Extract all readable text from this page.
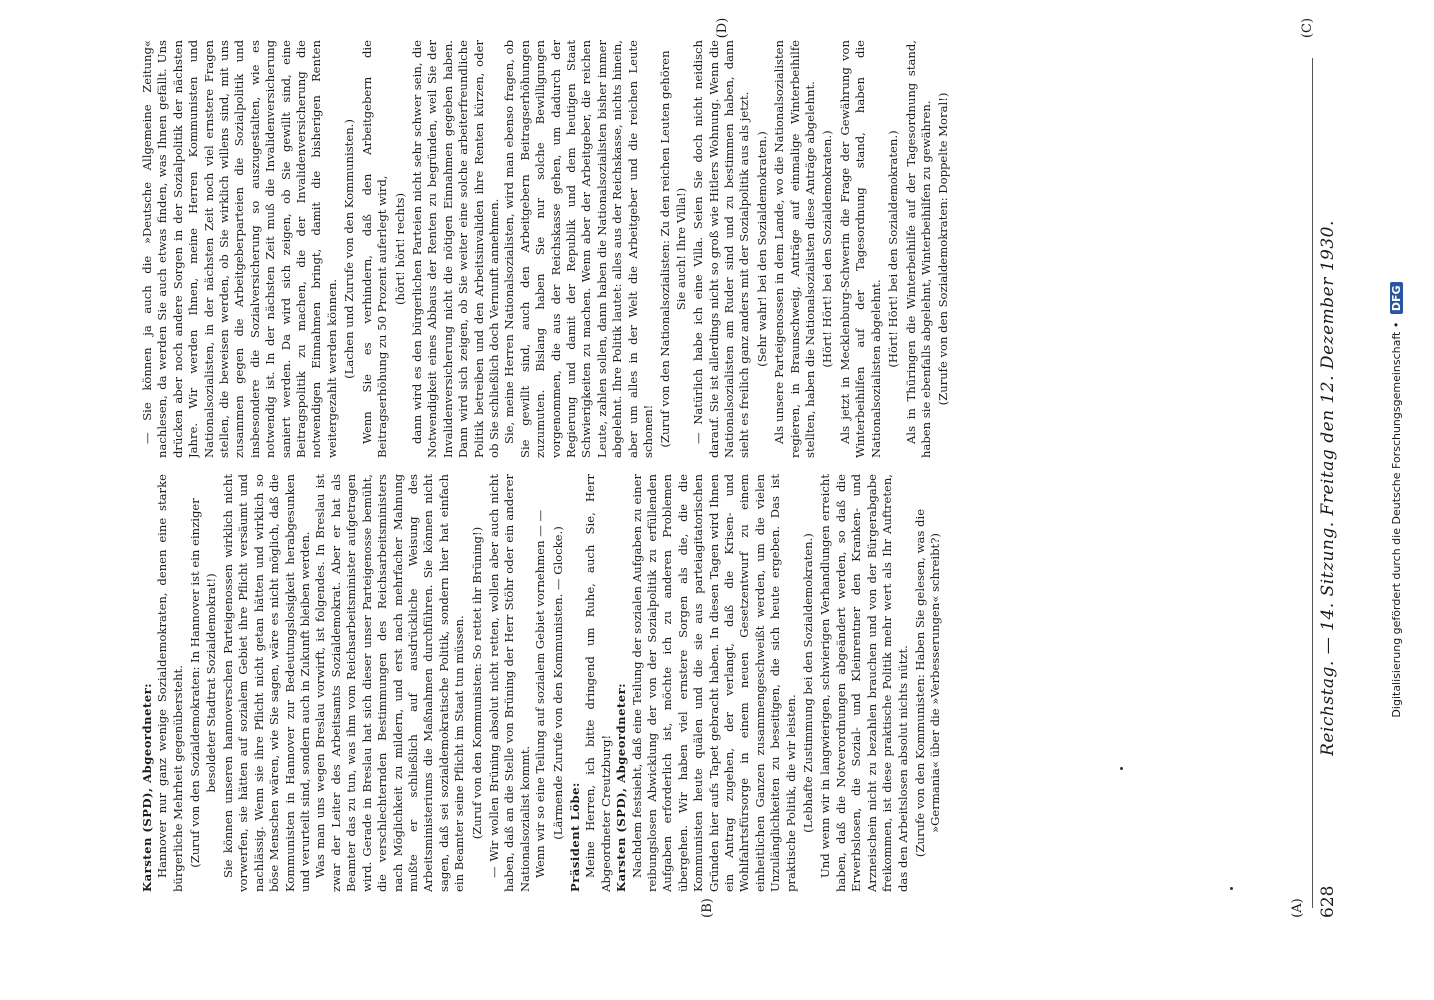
628
Reichstag. — 14. Sitzung. Freitag den 12. Dezember 1930.
(A)
(B)
(C)
(D)
Karsten (SPD), Abgeordneter: Hannover nur ganz wenige Sozialdemokraten, denen eine starke bürgerliche Mehrheit gegenübersteht. (Zuruf von den Sozialdemokraten: In Hannover ist ein einziger besoldeter Stadtrat Sozialdemokrat!) Sie können unseren hannoverschen Parteigenossen wirklich nicht vorwerfen, sie hätten auf sozialem Gebiet ihre Pflicht versäumt und nachlässig. Wenn sie ihre Pflicht nicht getan hätten und wirklich so böse Menschen wären, wie Sie sagen, wäre es nicht möglich, daß die Kommunisten in Hannover zur Bedeutungslosigkeit herabgesunken und verurteilt sind, sondern auch in Zukunft bleiben werden. Was man uns wegen Breslau vorwirft, ist folgendes. In Breslau ist zwar der Leiter des Arbeitsamts Sozialdemokrat. Aber er hat als Beamter das zu tun, was ihm vom Reichsarbeitsminister aufgetragen wird. Gerade in Breslau hat sich dieser unser Parteigenosse bemüht, die verschlechternden Bestimmungen des Reichsarbeitsministers nach Möglichkeit zu mildern, und erst nach mehrfacher Mahnung mußte er schließlich auf ausdrückliche Weisung des Arbeitsministeriums die Maßnahmen durchführen. Sie können nicht sagen, daß sei sozialdemokratische Politik, sondern hier hat einfach ein Beamter seine Pflicht im Staat tun müssen. (Zuruf von den Kommunisten: So rettet ihr Brüning!) — Wir wollen Brüning absolut nicht retten, wollen aber auch nicht haben, daß an die Stelle von Brüning der Herr Stöhr oder ein anderer Nationalsozialist kommt. Wenn wir so eine Teilung auf sozialem Gebiet vornehmen — — (Lärmende Zurufe von den Kommunisten. — Glocke.) Präsident Löbe: Meine Herren, ich bitte dringend um Ruhe, auch Sie, Herr Abgeordneter Creutzburg! Karsten (SPD), Abgeordneter: Nachdem festsieht, daß eine Teilung der sozialen Aufgaben zu einer reibungslosen Abwicklung der von der Sozialpolitik zu erfüllenden Aufgaben erforderlich ist, möchte ich zu anderen Problemen übergehen. Wir haben viel ernstere Sorgen als die, die die Kommunisten heute quälen und die sie aus parteiagitatorischen Gründen hier aufs Tapet gebracht haben. In diesen Tagen wird Ihnen ein Antrag zugehen, der verlangt, daß die Krisen- und Wohlfahrtsfürsorge in einem neuen Gesetzentwurf zu einem einheitlichen Ganzen zusammengeschweißt werden, um die vielen Unzulänglichkeiten zu beseitigen, die sich heute ergeben. Das ist praktische Politik, die wir leisten. (Lebhafte Zustimmung bei den Sozialdemokraten.) Und wenn wir in langwierigen, schwierigen Verhandlungen erreicht haben, daß die Notverordnungen abgeändert werden, so daß die Erwerbslosen, die Sozial- und Kleinrentner den Kranken- und Arzneischein nicht zu bezahlen brauchen und von der Bürgerabgabe freikommen, ist diese praktische Politik mehr wert als Ihr Auftreten, das den Arbeitslosen absolut nichts nützt. (Zurufe von den Kommunisten: Haben Sie gelesen, was die »Germania« über die »Verbesserungen« schreibt?)

— Sie können ja auch die »Deutsche Allgemeine Zeitung« nachlesen, da werden Sie auch etwas finden, was Ihnen gefällt. Uns drücken aber noch andere Sorgen in der Sozialpolitik der nächsten Jahre. Wir werden Ihnen, meine Herren Kommunisten und Nationalsozialisten, in der nächsten Zeit noch viel ernstere Fragen stellen, die beweisen werden, ob Sie wirklich willens sind, mit uns zusammen gegen die Arbeitgeberparteien die Sozialpolitik und insbesondere die Sozialversicherung so auszugestalten, wie es notwendig ist. In der nächsten Zeit muß die Invalidenversicherung saniert werden. Da wird sich zeigen, ob Sie gewillt sind, eine Beitragspolitik zu machen, die der Invalidenversicherung die notwendigen Einnahmen bringt, damit die bisherigen Renten weitergezahlt werden können. (Lachen und Zurufe von den Kommunisten.) Wenn Sie es verhindern, daß den Arbeitgebern die Beitragserhöhung zu 50 Prozent auferlegt wird, (hört! hört! rechts) dann wird es den bürgerlichen Parteien nicht sehr schwer sein, die Notwendigkeit eines Abbaus der Renten zu begründen, weil Sie der Invalidenversicherung nicht die nötigen Einnahmen gegeben haben. Dann wird sich zeigen, ob Sie weiter eine solche arbeiterfreundliche Politik betreiben und den Arbeitsinvaliden ihre Renten kürzen, oder ob Sie schließlich doch Vernunft annehmen. Sie, meine Herren Nationalsozialisten, wird man ebenso fragen, ob Sie gewillt sind, auch den Arbeitgebern Beitragserhöhungen zuzumuten. Bislang haben Sie nur solche Bewilligungen vorgenommen, die aus der Reichskasse gehen, um dadurch der Regierung und damit der Republik und dem heutigen Staat Schwierigkeiten zu machen. Wenn aber der Arbeitgeber, die reichen Leute, zahlen sollen, dann haben die Nationalsozialisten bisher immer abgelehnt. Ihre Politik lautet: alles aus der Reichskasse, nichts hinein, aber um alles in der Welt die Arbeitgeber und die reichen Leute schonen! (Zuruf von den Nationalsozialisten: Zu den reichen Leuten gehören Sie auch! Ihre Villa!) — Natürlich habe ich eine Villa. Seien Sie doch nicht neidisch darauf. Sie ist allerdings nicht so groß wie Hitlers Wohnung. Wenn die Nationalsozialisten am Ruder sind und zu bestimmen haben, dann sieht es freilich ganz anders mit der Sozialpolitik aus als jetzt. (Sehr wahr! bei den Sozialdemokraten.) Als unsere Parteigenossen in dem Lande, wo die Nationalsozialisten regieren, in Braunschweig, Anträge auf einmalige Winterbeihilfe stellten, haben die Nationalsozialisten diese Anträge abgelehnt. (Hört! Hört! bei den Sozialdemokraten.) Als jetzt in Mecklenburg-Schwerin die Frage der Gewährung von Winterbeihilfen auf der Tagesordnung stand, haben die Nationalsozialisten abgelehnt.

(Hört! Hört! bei den Sozialdemokraten.) Als in Thüringen die Winterbeihilfe auf der Tagesordnung stand, haben sie ebenfalls abgelehnt, Winterbeihilfen zu gewähren. (Zurufe von den Sozialdemokraten: Doppelte Moral!)

Digitalisierung gefördert durch die Deutsche Forschungsgemeinschaft • DFG
